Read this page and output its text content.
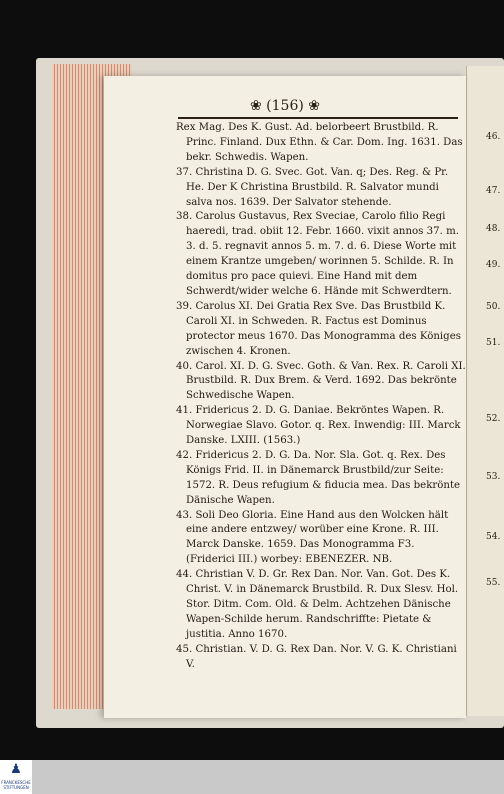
46.
47.
48.
49.
50.
51.
52.
53.
54.
55.
❀ (156) ❀

Rex Mag. Des K. Gust. Ad. belorbeert Brustbild. R. Princ. Finland. Dux Ethn. & Car. Dom. Ing. 1631. Das bekr. Schwedis. Wapen.

37. Christina D. G. Svec. Got. Van. q; Des. Reg. & Pr. He. Der K Christina Brustbild. R. Salvator mundi salva nos. 1639. Der Salvator stehende.

38. Carolus Gustavus, Rex Sveciae, Carolo filio Regi haeredi, trad. obiit 12. Febr. 1660. vixit annos 37. m. 3. d. 5. regnavit annos 5. m. 7. d. 6. Diese Worte mit einem Krantze umgeben/ worinnen 5. Schilde. R. In domitus pro pace quievi. Eine Hand mit dem Schwerdt/wider welche 6. Hände mit Schwerdtern.

39. Carolus XI. Dei Gratia Rex Sve. Das Brustbild K. Caroli XI. in Schweden. R. Factus est Dominus protector meus 1670. Das Monogramma des Königes zwischen 4. Kronen.

40. Carol. XI. D. G. Svec. Goth. & Van. Rex. R. Caroli XI. Brustbild. R. Dux Brem. & Verd. 1692. Das bekrönte Schwedische Wapen.

41. Fridericus 2. D. G. Daniae. Bekröntes Wapen. R. Norwegiae Slavo. Gotor. q. Rex. Inwendig: III. Marck Danske. LXIII. (1563.)

42. Fridericus 2. D. G. Da. Nor. Sla. Got. q. Rex. Des Königs Frid. II. in Dänemarck Brustbild/zur Seite: 1572. R. Deus refugium & fiducia mea. Das bekrönte Dänische Wapen.

43. Soli Deo Gloria. Eine Hand aus den Wolcken hält eine andere entzwey/ worüber eine Krone. R. III. Marck Danske. 1659. Das Monogramma F3. (Friderici III.) worbey: EBENEZER. NB.

44. Christian V. D. Gr. Rex Dan. Nor. Van. Got. Des K. Christ. V. in Dänemarck Brustbild. R. Dux Slesv. Hol. Stor. Ditm. Com. Old. & Delm. Achtzehen Dänische Wapen-Schilde herum. Randschriffte: Pietate & justitia. Anno 1670.

45. Christian. V. D. G. Rex Dan. Nor. V. G. K. Christiani V.

♟
FRANCKESCHE
STIFTUNGEN
